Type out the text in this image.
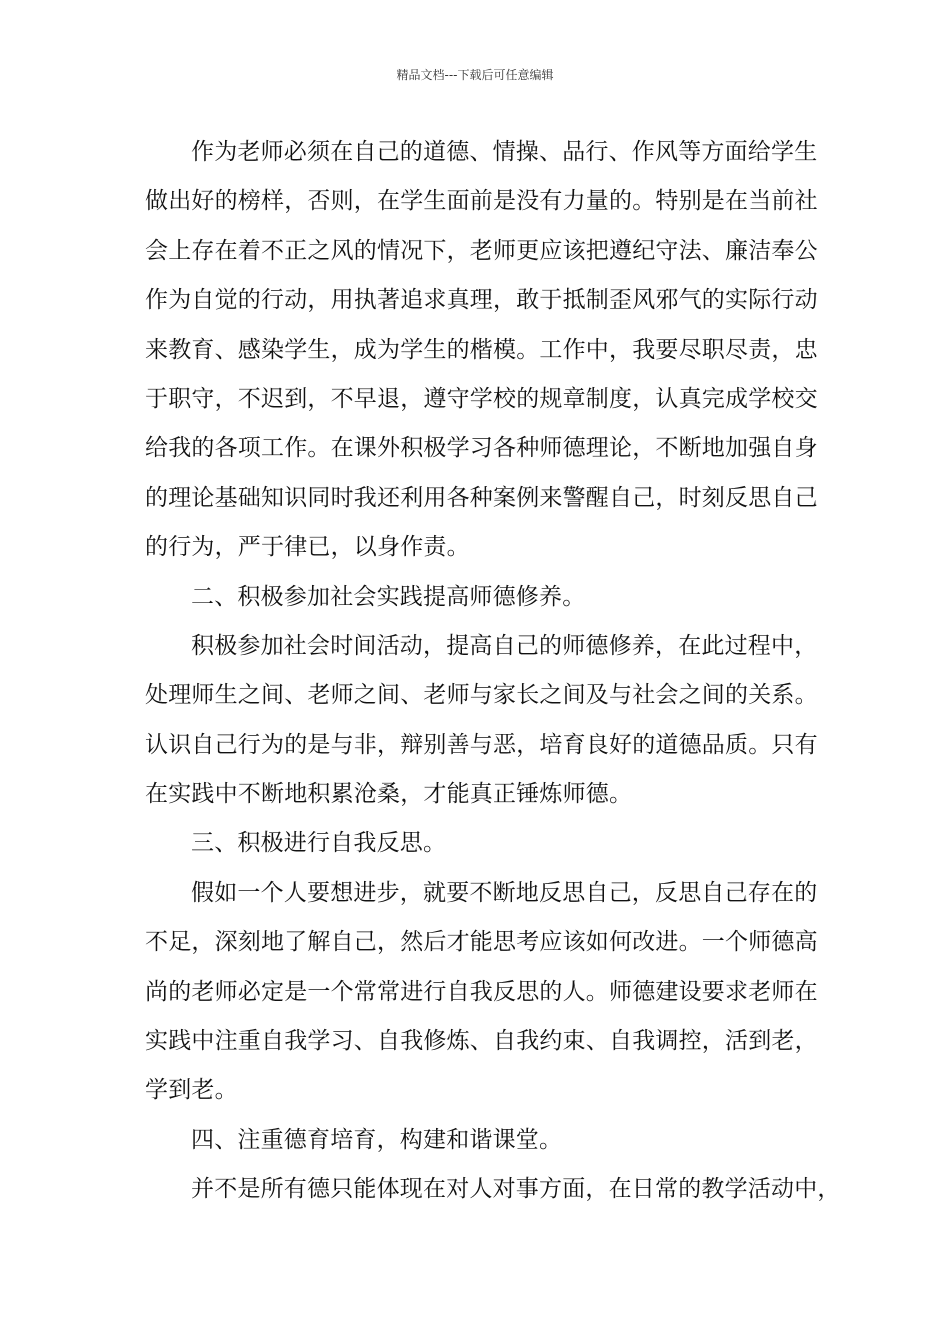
精品文档---下载后可任意编辑
作为老师必须在自己的道德、情操、品行、作风等方面给学生
做出好的榜样，否则，在学生面前是没有力量的。特别是在当前社
会上存在着不正之风的情况下，老师更应该把遵纪守法、廉洁奉公
作为自觉的行动，用执著追求真理，敢于抵制歪风邪气的实际行动
来教育、感染学生，成为学生的楷模。工作中，我要尽职尽责，忠
于职守，不迟到，不早退，遵守学校的规章制度，认真完成学校交
给我的各项工作。在课外积极学习各种师德理论，不断地加强自身
的理论基础知识同时我还利用各种案例来警醒自己，时刻反思自己
的行为，严于律已，以身作责。
二、积极参加社会实践提高师德修养。
积极参加社会时间活动，提高自己的师德修养，在此过程中，
处理师生之间、老师之间、老师与家长之间及与社会之间的关系。
认识自己行为的是与非，辩别善与恶，培育良好的道德品质。只有
在实践中不断地积累沧桑，才能真正锤炼师德。
三、积极进行自我反思。
假如一个人要想进步，就要不断地反思自己，反思自己存在的
不足，深刻地了解自己，然后才能思考应该如何改进。一个师德高
尚的老师必定是一个常常进行自我反思的人。师德建设要求老师在
实践中注重自我学习、自我修炼、自我约束、自我调控，活到老，
学到老。
四、注重德育培育，构建和谐课堂。
并不是所有德只能体现在对人对事方面，在日常的教学活动中，
